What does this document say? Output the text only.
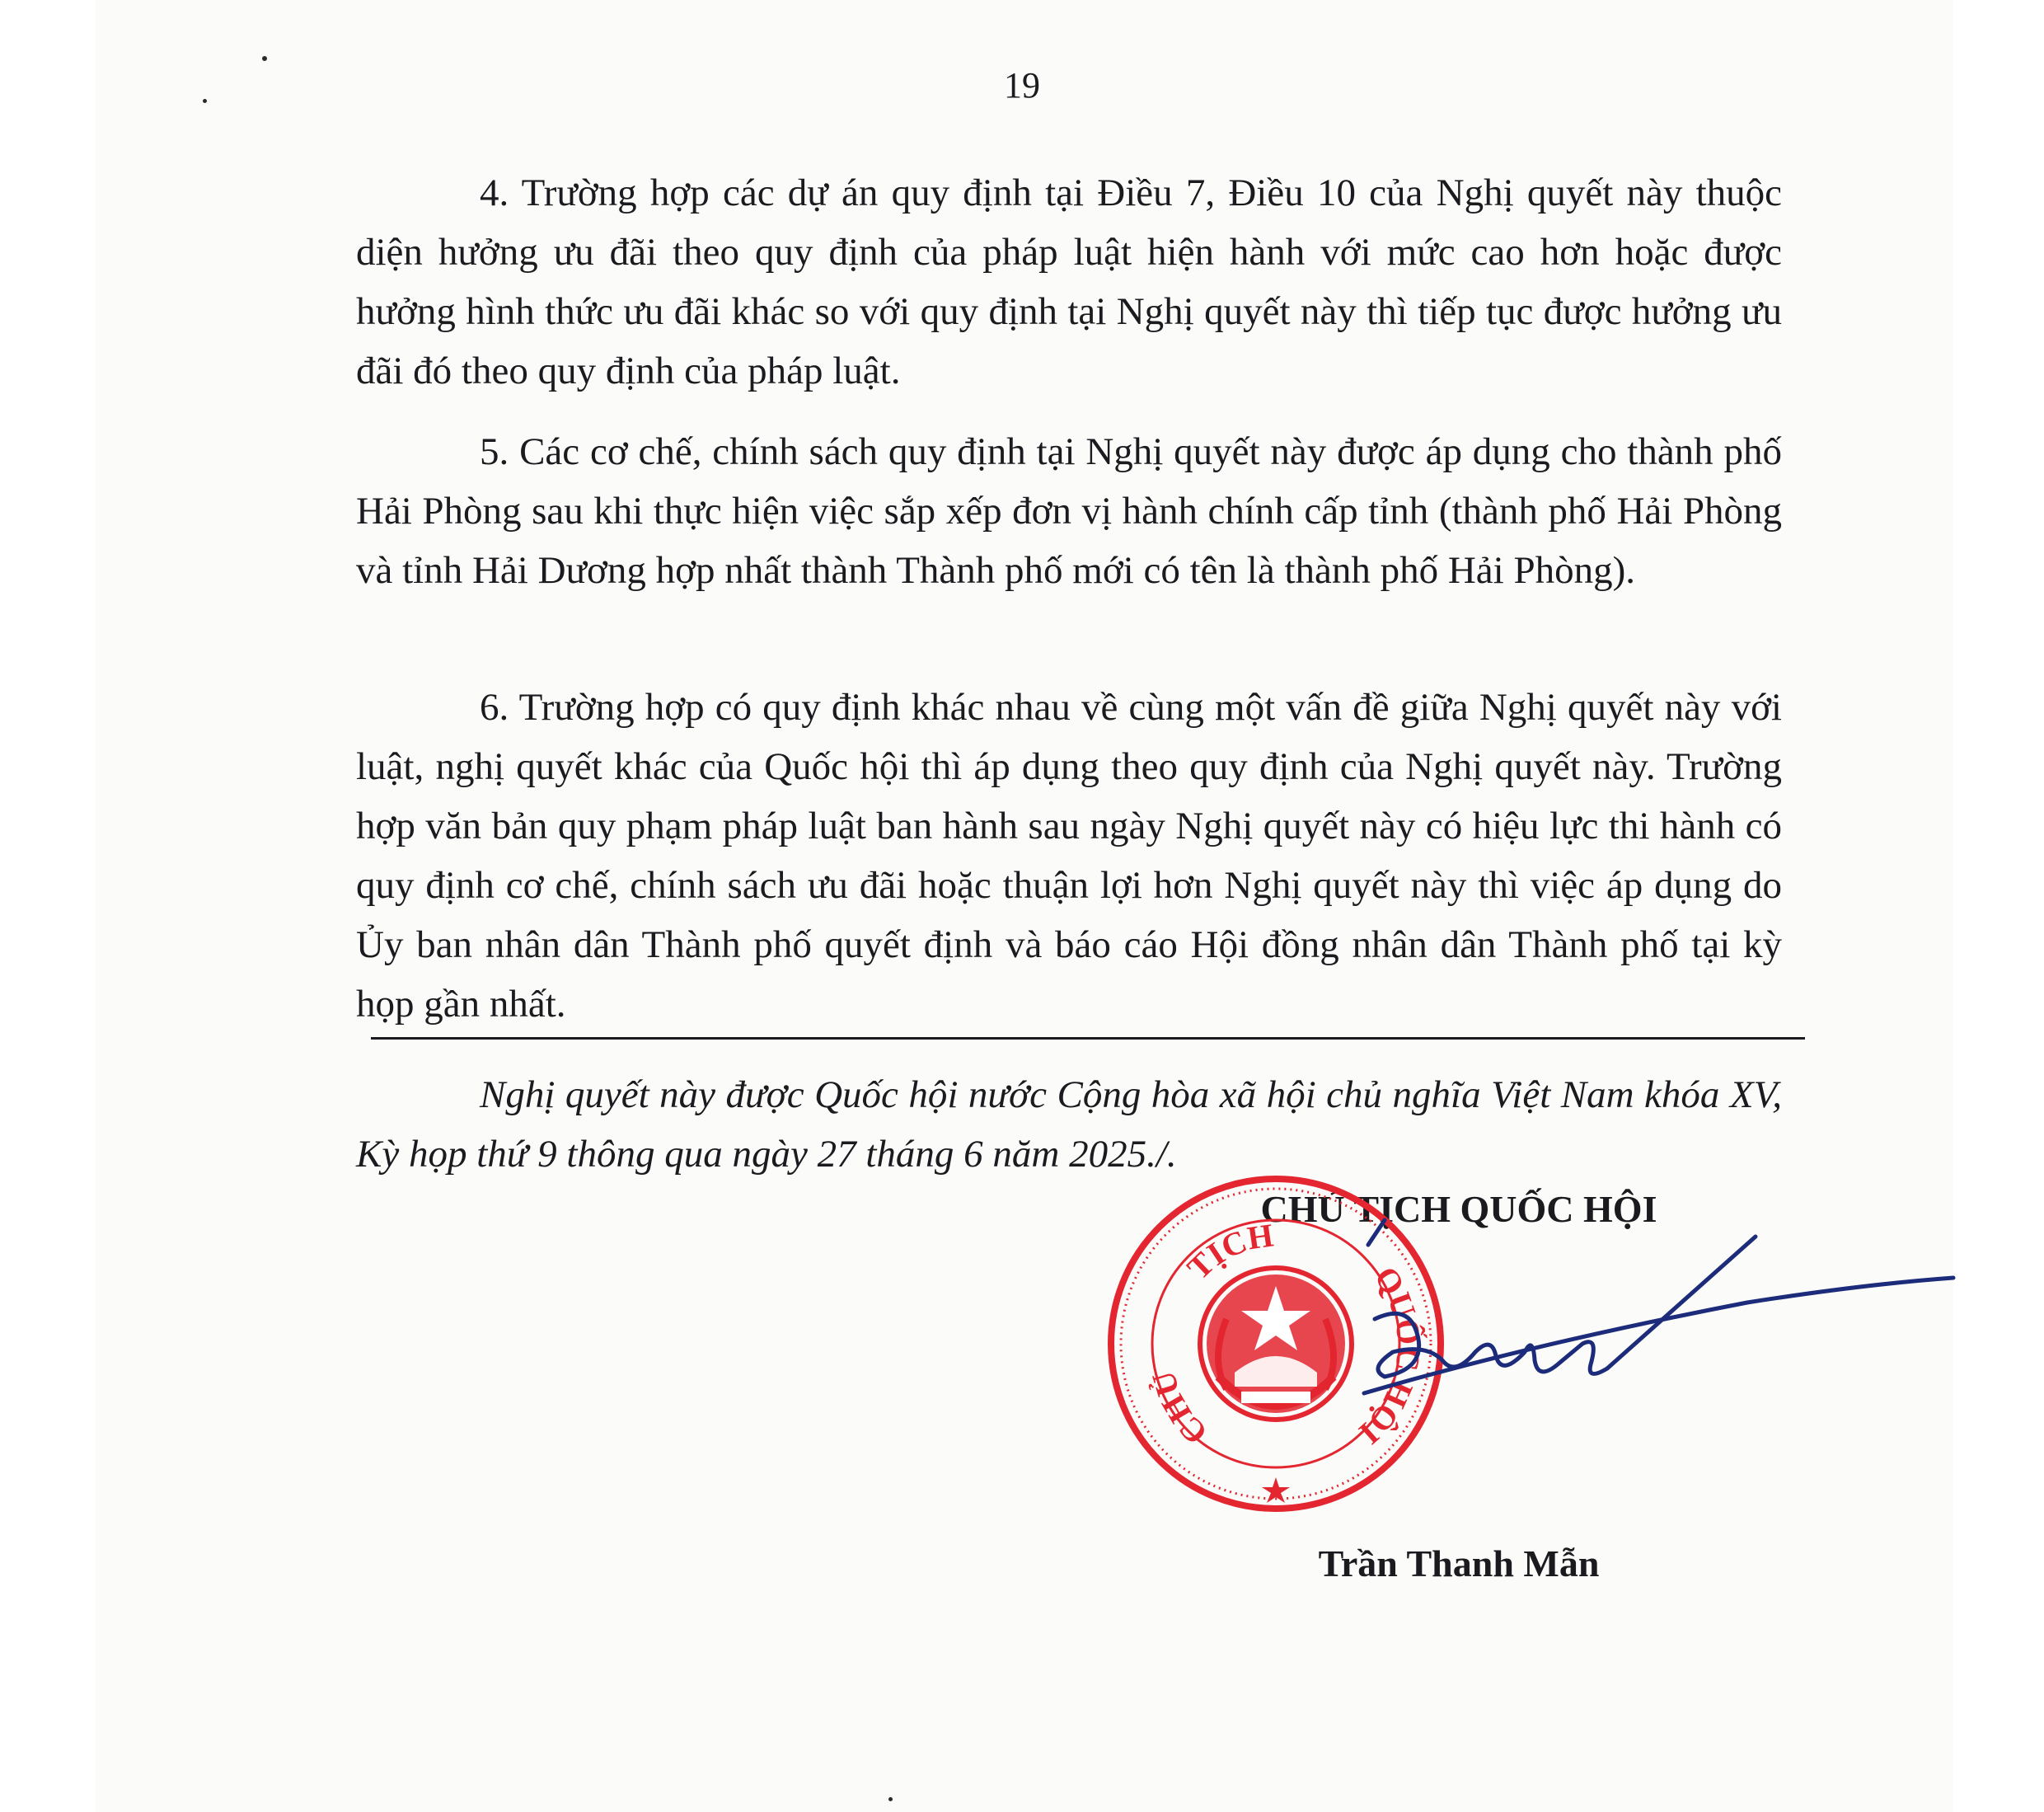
19

4. Trường hợp các dự án quy định tại Điều 7, Điều 10 của Nghị quyết này thuộc diện hưởng ưu đãi theo quy định của pháp luật hiện hành với mức cao hơn hoặc được hưởng hình thức ưu đãi khác so với quy định tại Nghị quyết này thì tiếp tục được hưởng ưu đãi đó theo quy định của pháp luật.

5. Các cơ chế, chính sách quy định tại Nghị quyết này được áp dụng cho thành phố Hải Phòng sau khi thực hiện việc sắp xếp đơn vị hành chính cấp tỉnh (thành phố Hải Phòng và tỉnh Hải Dương hợp nhất thành Thành phố mới có tên là thành phố Hải Phòng).

6. Trường hợp có quy định khác nhau về cùng một vấn đề giữa Nghị quyết này với luật, nghị quyết khác của Quốc hội thì áp dụng theo quy định của Nghị quyết này. Trường hợp văn bản quy phạm pháp luật ban hành sau ngày Nghị quyết này có hiệu lực thi hành có quy định cơ chế, chính sách ưu đãi hoặc thuận lợi hơn Nghị quyết này thì việc áp dụng do Ủy ban nhân dân Thành phố quyết định và báo cáo Hội đồng nhân dân Thành phố tại kỳ họp gần nhất.

Nghị quyết này được Quốc hội nước Cộng hòa xã hội chủ nghĩa Việt Nam khóa XV, Kỳ họp thứ 9 thông qua ngày 27 tháng 6 năm 2025./.

CHỦ TỊCH QUỐC HỘI
TỊCH
CHỦ
QUỐC HỘI
Trần Thanh Mẫn
